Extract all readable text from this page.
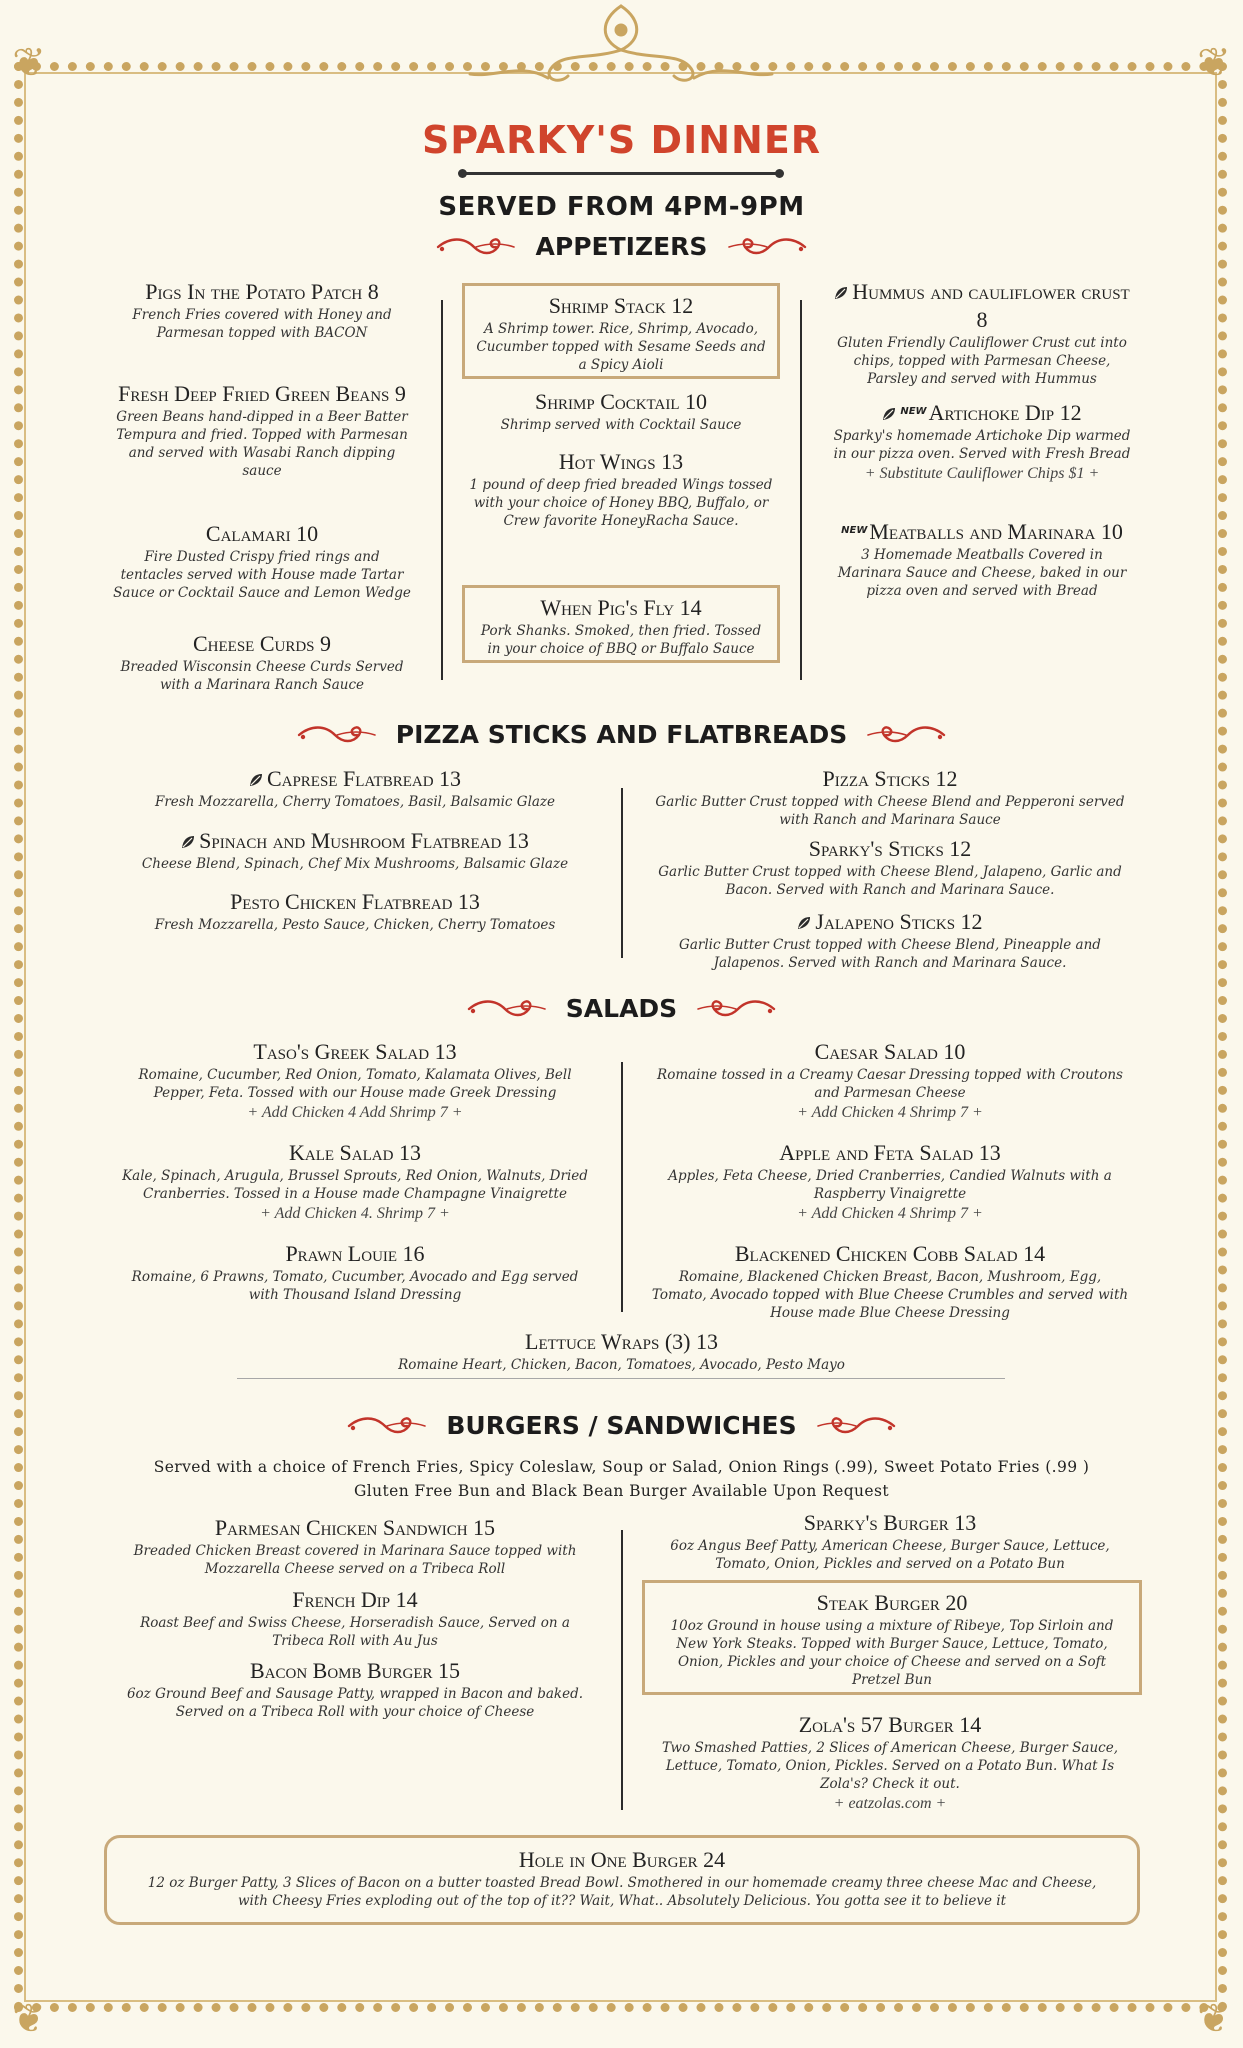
❦	❦
❦	❦
SPARKY'S DINNER
SERVED FROM 4PM-9PM
APPETIZERS
Pigs In the Potato Patch 8
French Fries covered with Honey and Parmesan topped with BACON
Fresh Deep Fried Green Beans 9
Green Beans hand-dipped in a Beer Batter Tempura and fried. Topped with Parmesan and served with Wasabi Ranch dipping sauce
Calamari 10
Fire Dusted Crispy fried rings and tentacles served with House made Tartar Sauce or Cocktail Sauce and Lemon Wedge
Cheese Curds 9
Breaded Wisconsin Cheese Curds Served with a Marinara Ranch Sauce
Shrimp Stack 12
A Shrimp tower. Rice, Shrimp, Avocado, Cucumber topped with Sesame Seeds and a Spicy Aioli
Shrimp Cocktail 10
Shrimp served with Cocktail Sauce
Hot Wings 13
1 pound of deep fried breaded Wings tossed with your choice of Honey BBQ, Buffalo, or Crew favorite HoneyRacha Sauce.
When Pig's Fly 14
Pork Shanks. Smoked, then fried. Tossed in your choice of BBQ or Buffalo Sauce
Hummus and cauliflower crust 8
Gluten Friendly Cauliflower Crust cut into chips, topped with Parmesan Cheese, Parsley and served with Hummus
$^{NEW}$Artichoke Dip 12
Sparky's homemade Artichoke Dip warmed in our pizza oven. Served with Fresh Bread
+ Substitute Cauliflower Chips $1 +
$^{NEW}$Meatballs and Marinara 10
3 Homemade Meatballs Covered in Marinara Sauce and Cheese, baked in our pizza oven and served with Bread
PIZZA STICKS AND FLATBREADS
Caprese Flatbread 13
Fresh Mozzarella, Cherry Tomatoes, Basil, Balsamic Glaze
Spinach and Mushroom Flatbread 13
Cheese Blend, Spinach, Chef Mix Mushrooms, Balsamic Glaze
Pesto Chicken Flatbread 13
Fresh Mozzarella, Pesto Sauce, Chicken, Cherry Tomatoes
Pizza Sticks 12
Garlic Butter Crust topped with Cheese Blend and Pepperoni served with Ranch and Marinara Sauce
Sparky's Sticks 12
Garlic Butter Crust topped with Cheese Blend, Jalapeno, Garlic and Bacon. Served with Ranch and Marinara Sauce.
Jalapeno Sticks 12
Garlic Butter Crust topped with Cheese Blend, Pineapple and Jalapenos. Served with Ranch and Marinara Sauce.
SALADS
Taso's Greek Salad 13
Romaine, Cucumber, Red Onion, Tomato, Kalamata Olives, Bell Pepper, Feta. Tossed with our House made Greek Dressing
+ Add Chicken 4 Add Shrimp 7 +
Kale Salad 13
Kale, Spinach, Arugula, Brussel Sprouts, Red Onion, Walnuts, Dried Cranberries. Tossed in a House made Champagne Vinaigrette
+ Add Chicken 4. Shrimp 7 +
Prawn Louie 16
Romaine, 6 Prawns, Tomato, Cucumber, Avocado and Egg served with Thousand Island Dressing
Caesar Salad 10
Romaine tossed in a Creamy Caesar Dressing topped with Croutons and Parmesan Cheese
+ Add Chicken 4 Shrimp 7 +
Apple and Feta Salad 13
Apples, Feta Cheese, Dried Cranberries, Candied Walnuts with a Raspberry Vinaigrette
+ Add Chicken 4 Shrimp 7 +
Blackened Chicken Cobb Salad 14
Romaine, Blackened Chicken Breast, Bacon, Mushroom, Egg, Tomato, Avocado topped with Blue Cheese Crumbles and served with House made Blue Cheese Dressing
Lettuce Wraps (3) 13
Romaine Heart, Chicken, Bacon, Tomatoes, Avocado, Pesto Mayo
BURGERS / SANDWICHES
Served with a choice of French Fries, Spicy Coleslaw, Soup or Salad, Onion Rings (.99), Sweet Potato Fries (.99 )
Gluten Free Bun and Black Bean Burger Available Upon Request
Parmesan Chicken Sandwich 15
Breaded Chicken Breast covered in Marinara Sauce topped with Mozzarella Cheese served on a Tribeca Roll
French Dip 14
Roast Beef and Swiss Cheese, Horseradish Sauce, Served on a Tribeca Roll with Au Jus
Bacon Bomb Burger 15
6oz Ground Beef and Sausage Patty, wrapped in Bacon and baked. Served on a Tribeca Roll with your choice of Cheese
Sparky's Burger 13
6oz Angus Beef Patty, American Cheese, Burger Sauce, Lettuce, Tomato, Onion, Pickles and served on a Potato Bun
Steak Burger 20
10oz Ground in house using a mixture of Ribeye, Top Sirloin and New York Steaks. Topped with Burger Sauce, Lettuce, Tomato, Onion, Pickles and your choice of Cheese and served on a Soft Pretzel Bun
Zola's 57 Burger 14
Two Smashed Patties, 2 Slices of American Cheese, Burger Sauce, Lettuce, Tomato, Onion, Pickles. Served on a Potato Bun. What Is Zola's? Check it out.
+ eatzolas.com +
Hole in One Burger 24
12 oz Burger Patty, 3 Slices of Bacon on a butter toasted Bread Bowl. Smothered in our homemade creamy three cheese Mac and Cheese, with Cheesy Fries exploding out of the top of it?? Wait, What.. Absolutely Delicious. You gotta see it to believe it
